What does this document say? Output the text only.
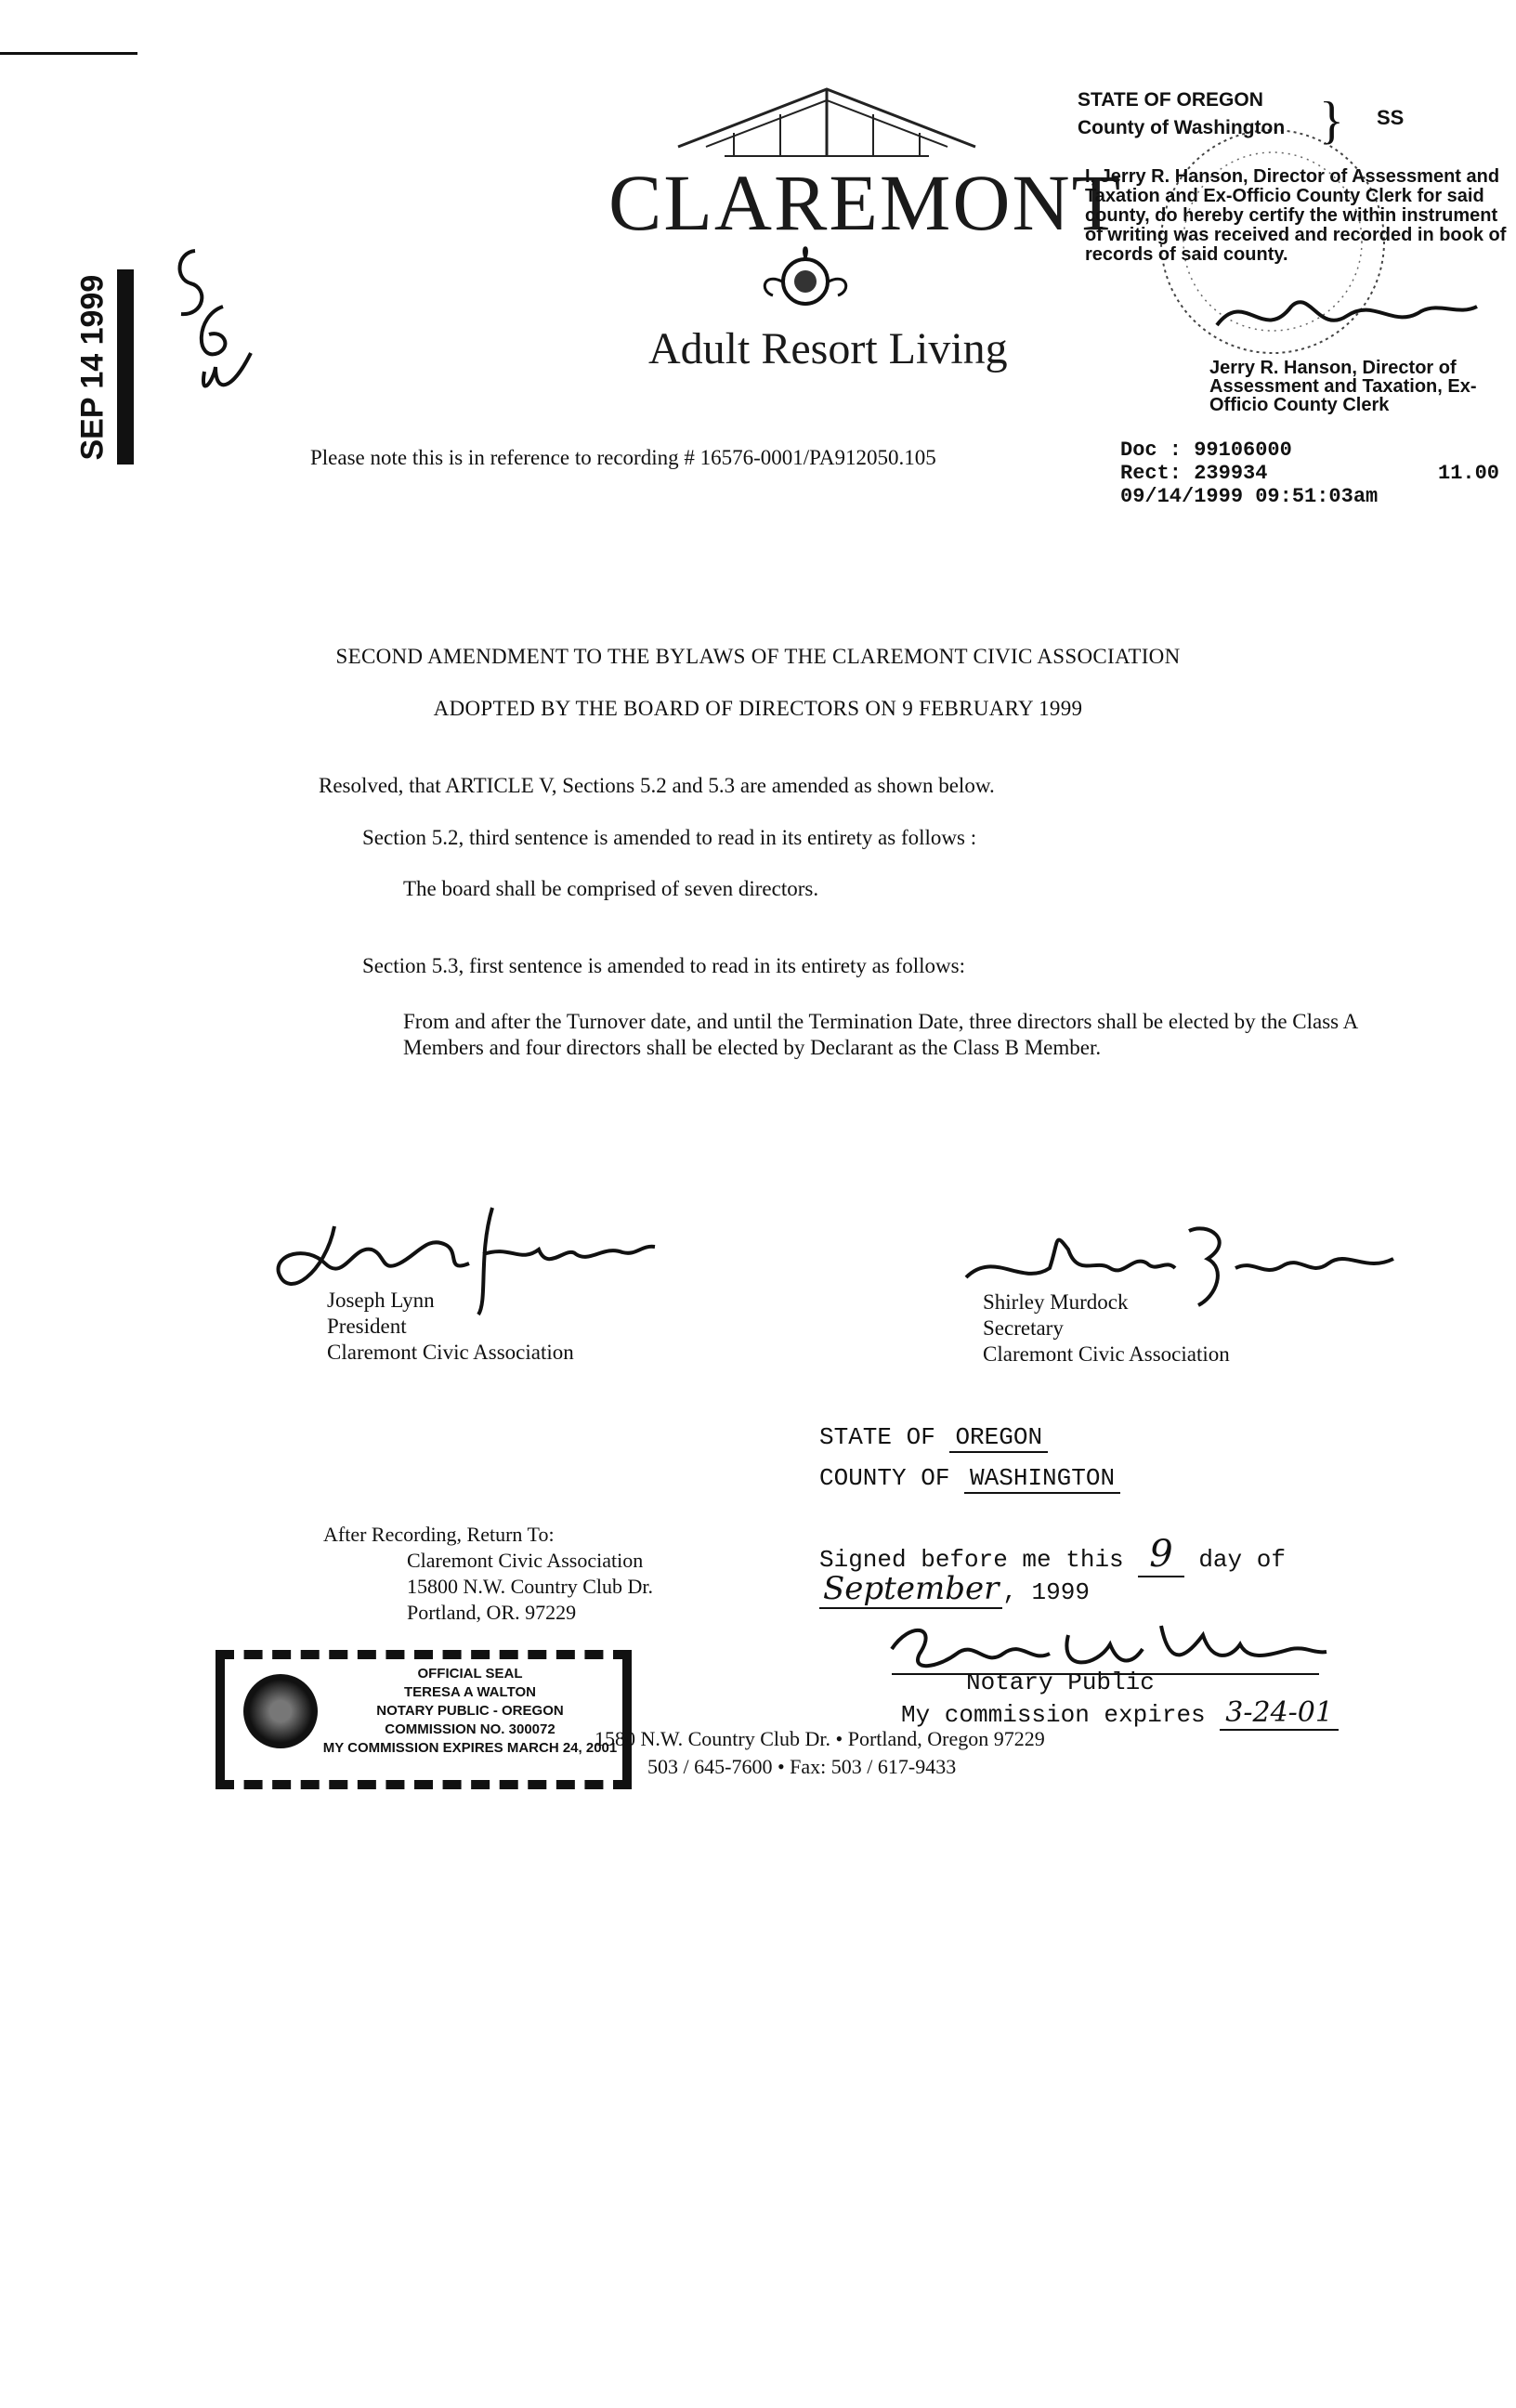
SEP 14 1999
CLAREMONT
Adult Resort Living
Please note this is in reference to recording # 16576-0001/PA912050.105
STATE OF OREGON
County of Washington } SS
I, Jerry R. Hanson, Director of Assessment and Taxation and Ex-Officio County Clerk for said county, do hereby certify the within instrument of writing was received and recorded in book of records of said county.
Jerry R. Hanson, Director of
Assessment and Taxation, Ex-Officio County Clerk
Doc : 99106000
Rect: 239934
09/14/1999 09:51:03am
11.00
SECOND AMENDMENT TO THE BYLAWS OF THE CLAREMONT CIVIC ASSOCIATION
ADOPTED BY THE BOARD OF DIRECTORS ON 9 FEBRUARY 1999
Resolved, that ARTICLE V, Sections 5.2 and 5.3 are amended as shown below.
Section 5.2, third sentence is amended to read in its entirety as follows :
The board shall be comprised of seven directors.
Section 5.3, first sentence is amended to read in its entirety as follows:
From and after the Turnover date, and until the Termination Date, three directors shall be elected by the Class A Members and four directors shall be elected by Declarant as the Class B Member.
Joseph Lynn
President
Claremont Civic Association
Shirley Murdock
Secretary
Claremont Civic Association
STATE OF OREGON
COUNTY OF WASHINGTON
Signed before me this 9 day of
September , 1999
Notary Public
My commission expires 3-24-01
After Recording, Return To:
Claremont Civic Association
15800 N.W. Country Club Dr.
Portland, OR. 97229
OFFICIAL SEAL
TERESA A WALTON
NOTARY PUBLIC - OREGON
COMMISSION NO. 300072
MY COMMISSION EXPIRES MARCH 24, 2001
1580 N.W. Country Club Dr. • Portland, Oregon 97229
503 / 645-7600 • Fax: 503 / 617-9433
